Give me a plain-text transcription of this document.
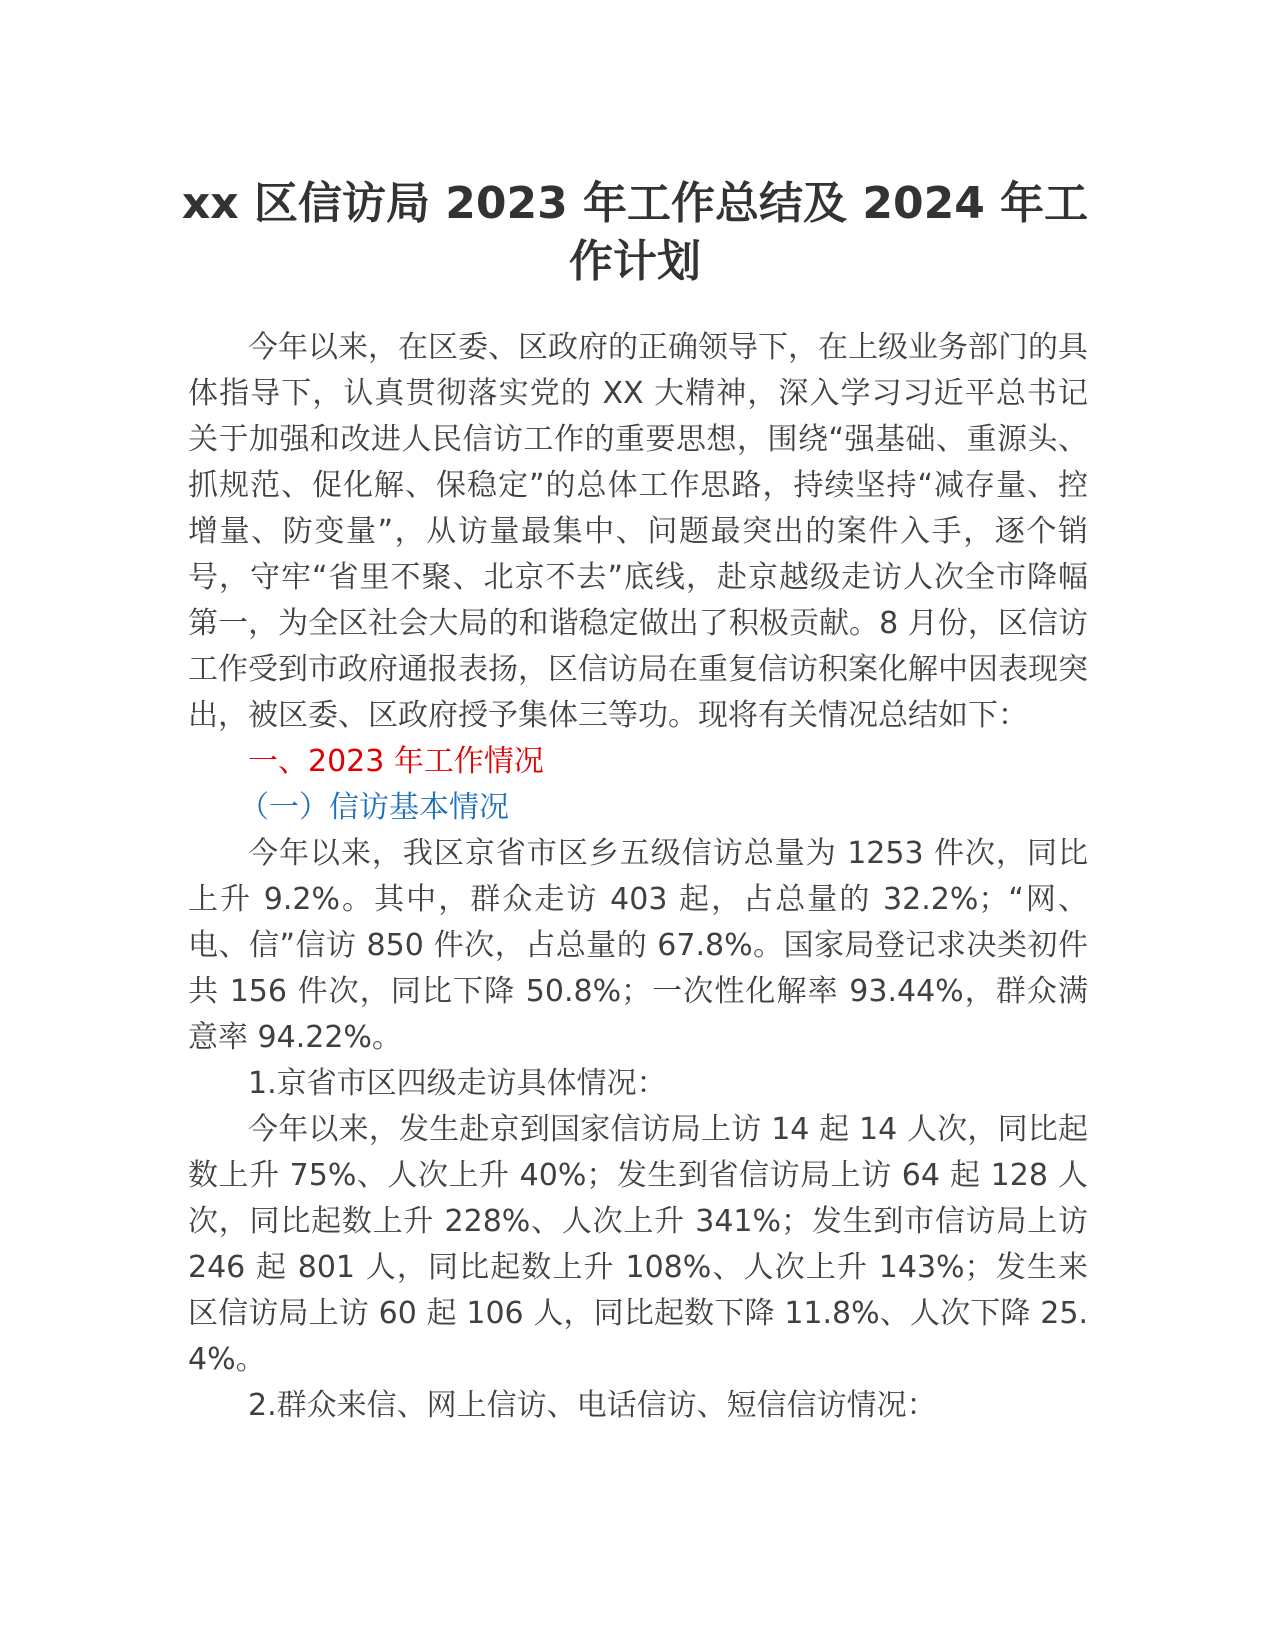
xx 区信访局 2023 年工作总结及 2024 年工作计划

今年以来，在区委、区政府的正确领导下，在上级业务部门的具体指导下，认真贯彻落实党的 XX 大精神，深入学习习近平总书记关于加强和改进人民信访工作的重要思想，围绕“强基础、重源头、抓规范、促化解、保稳定”的总体工作思路，持续坚持“减存量、控增量、防变量”，从访量最集中、问题最突出的案件入手，逐个销号，守牢“省里不聚、北京不去”底线，赴京越级走访人次全市降幅第一，为全区社会大局的和谐稳定做出了积极贡献。8 月份，区信访工作受到市政府通报表扬，区信访局在重复信访积案化解中因表现突出，被区委、区政府授予集体三等功。现将有关情况总结如下：

一、2023 年工作情况

（一）信访基本情况

今年以来，我区京省市区乡五级信访总量为 1253 件次，同比上升 9.2%。其中，群众走访 403 起，占总量的 32.2%；“网、电、信”信访 850 件次，占总量的 67.8%。国家局登记求决类初件共 156 件次，同比下降 50.8%；一次性化解率 93.44%，群众满意率 94.22%。

1.京省市区四级走访具体情况：

今年以来，发生赴京到国家信访局上访 14 起 14 人次，同比起数上升 75%、人次上升 40%；发生到省信访局上访 64 起 128 人次，同比起数上升 228%、人次上升 341%；发生到市信访局上访 246 起 801 人，同比起数上升 108%、人次上升 143%；发生来区信访局上访 60 起 106 人，同比起数下降 11.8%、人次下降 25.4%。

2.群众来信、网上信访、电话信访、短信信访情况：
